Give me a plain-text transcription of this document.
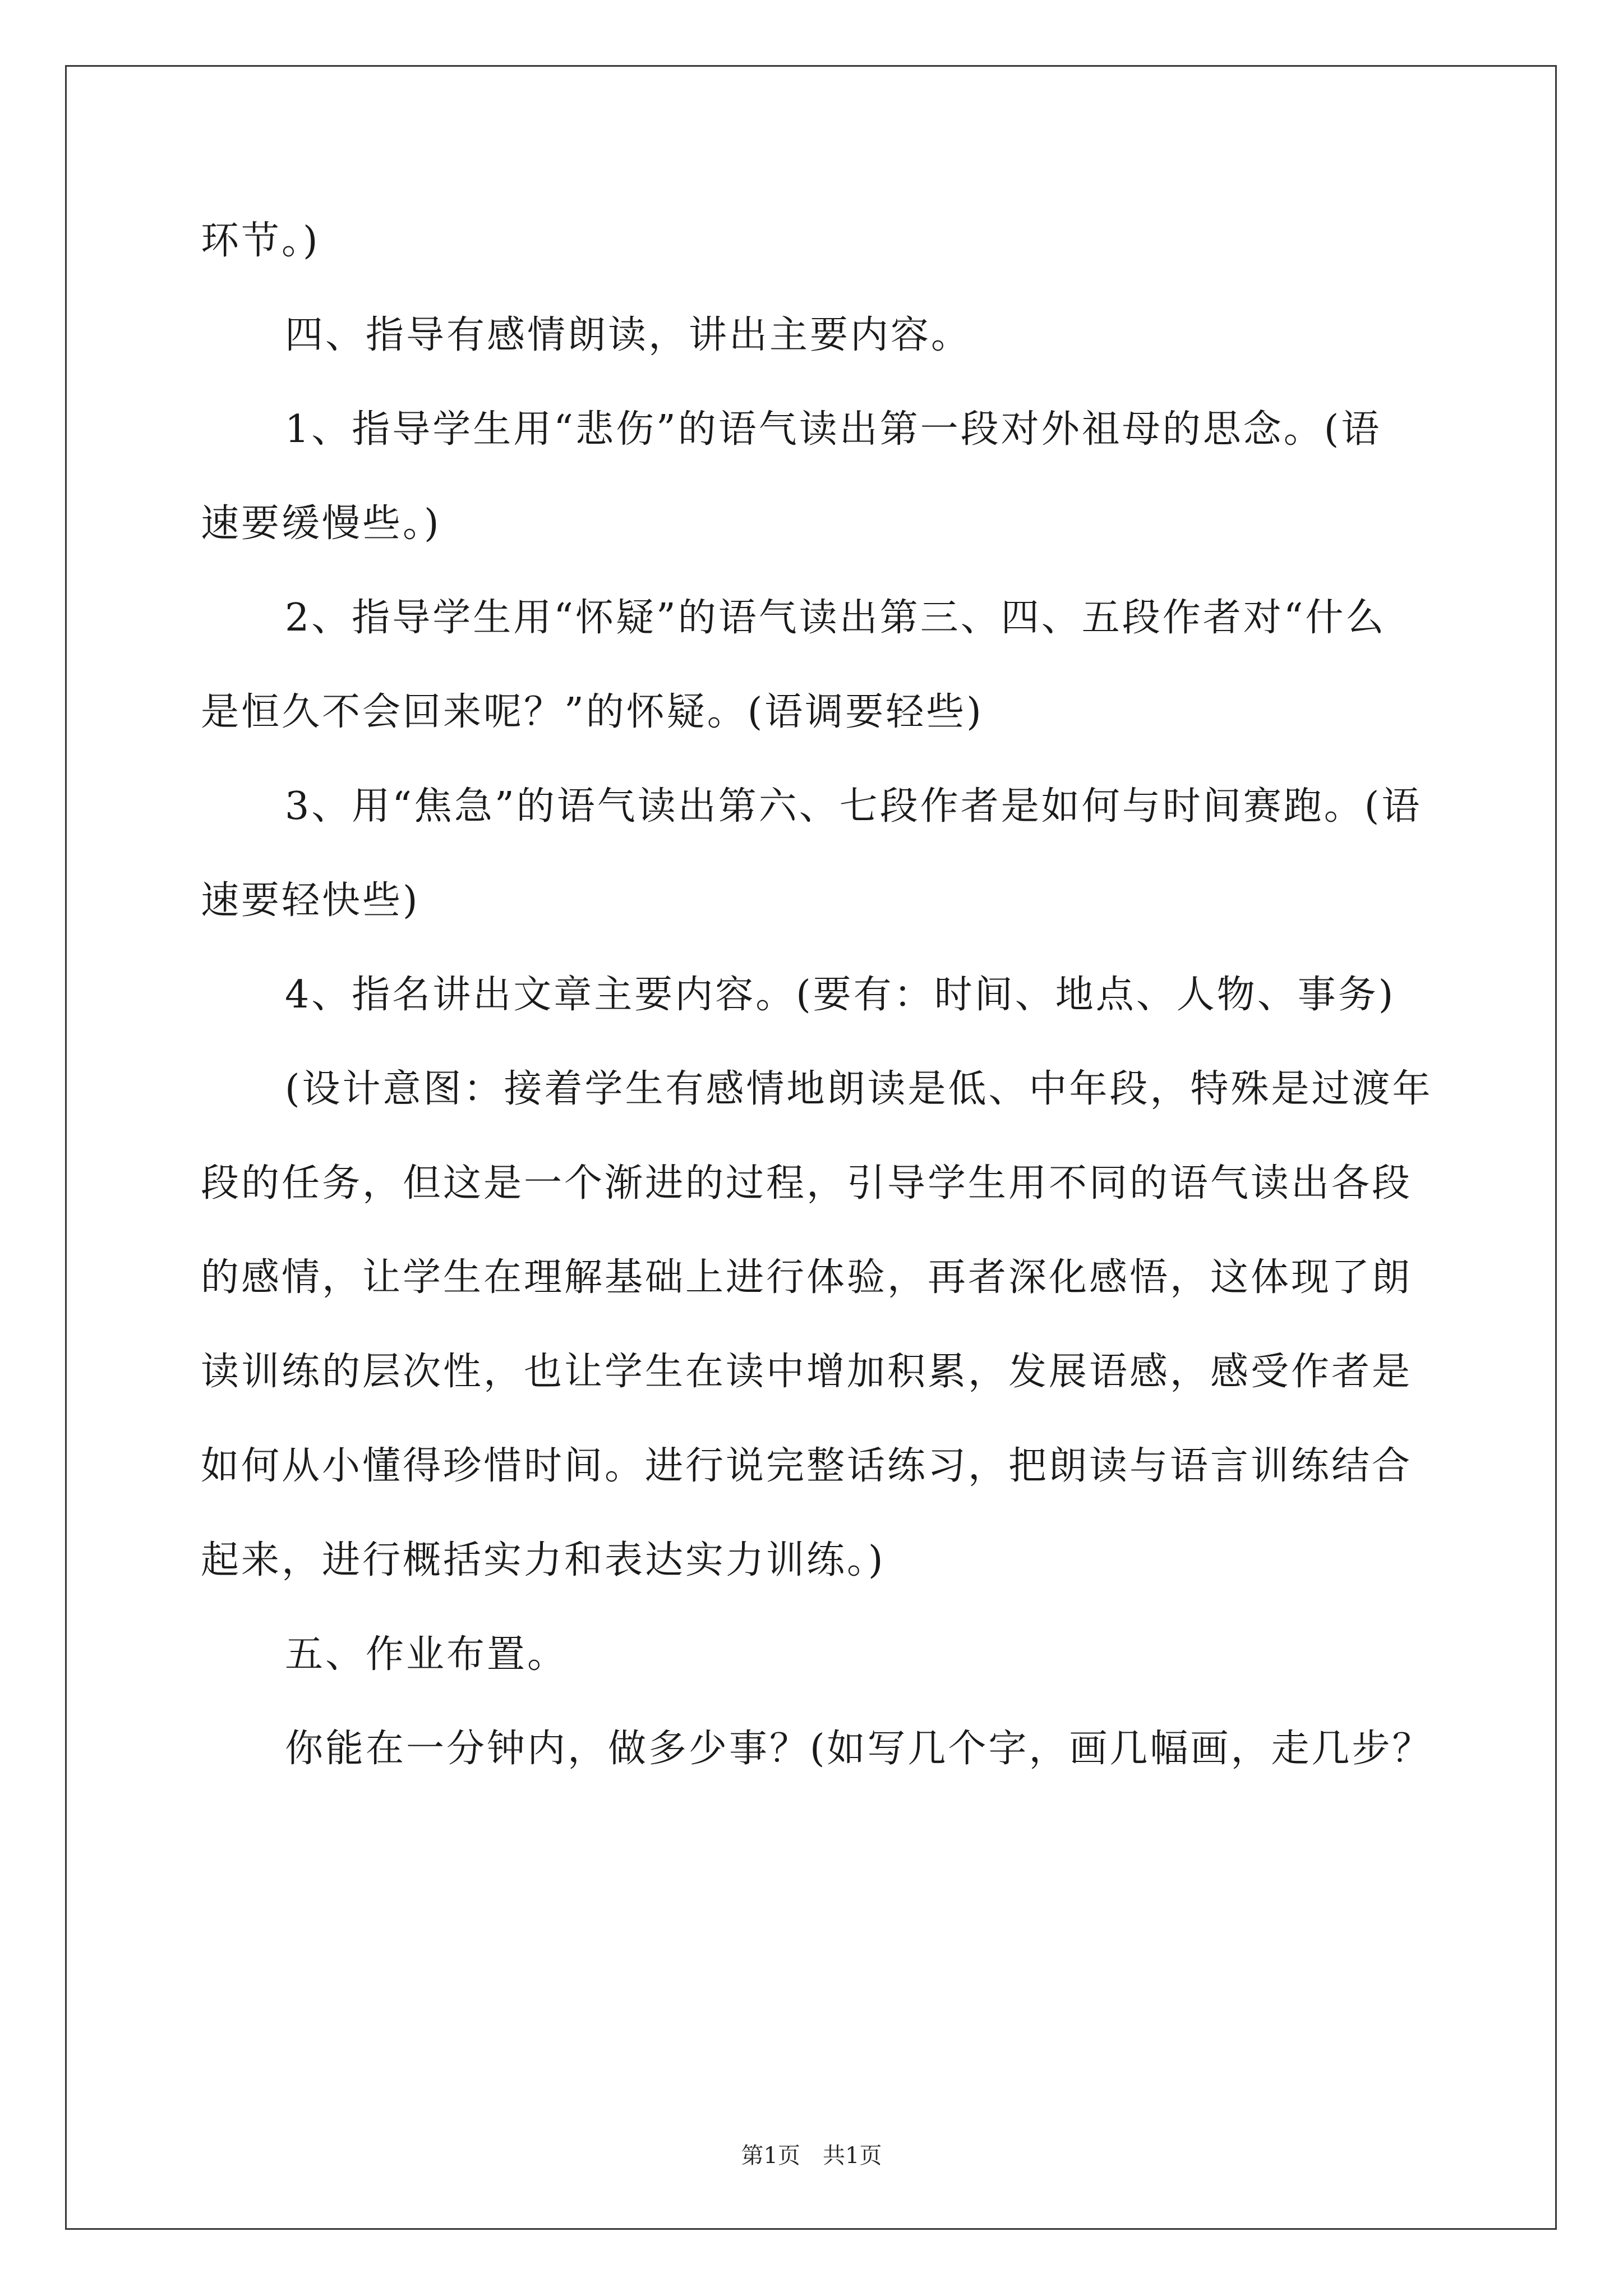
环节。)
四、指导有感情朗读，讲出主要内容。
1、指导学生用“悲伤”的语气读出第一段对外祖母的思念。(语
速要缓慢些。)
2、指导学生用“怀疑”的语气读出第三、四、五段作者对“什么
是恒久不会回来呢？”的怀疑。(语调要轻些)
3、用“焦急”的语气读出第六、七段作者是如何与时间赛跑。(语
速要轻快些)
4、指名讲出文章主要内容。(要有：时间、地点、人物、事务)
(设计意图：接着学生有感情地朗读是低、中年段，特殊是过渡年
段的任务，但这是一个渐进的过程，引导学生用不同的语气读出各段
的感情，让学生在理解基础上进行体验，再者深化感悟，这体现了朗
读训练的层次性，也让学生在读中增加积累，发展语感，感受作者是
如何从小懂得珍惜时间。进行说完整话练习，把朗读与语言训练结合
起来，进行概括实力和表达实力训练。)
五、作业布置。
你能在一分钟内，做多少事？(如写几个字，画几幅画，走几步？
第1页　共1页
